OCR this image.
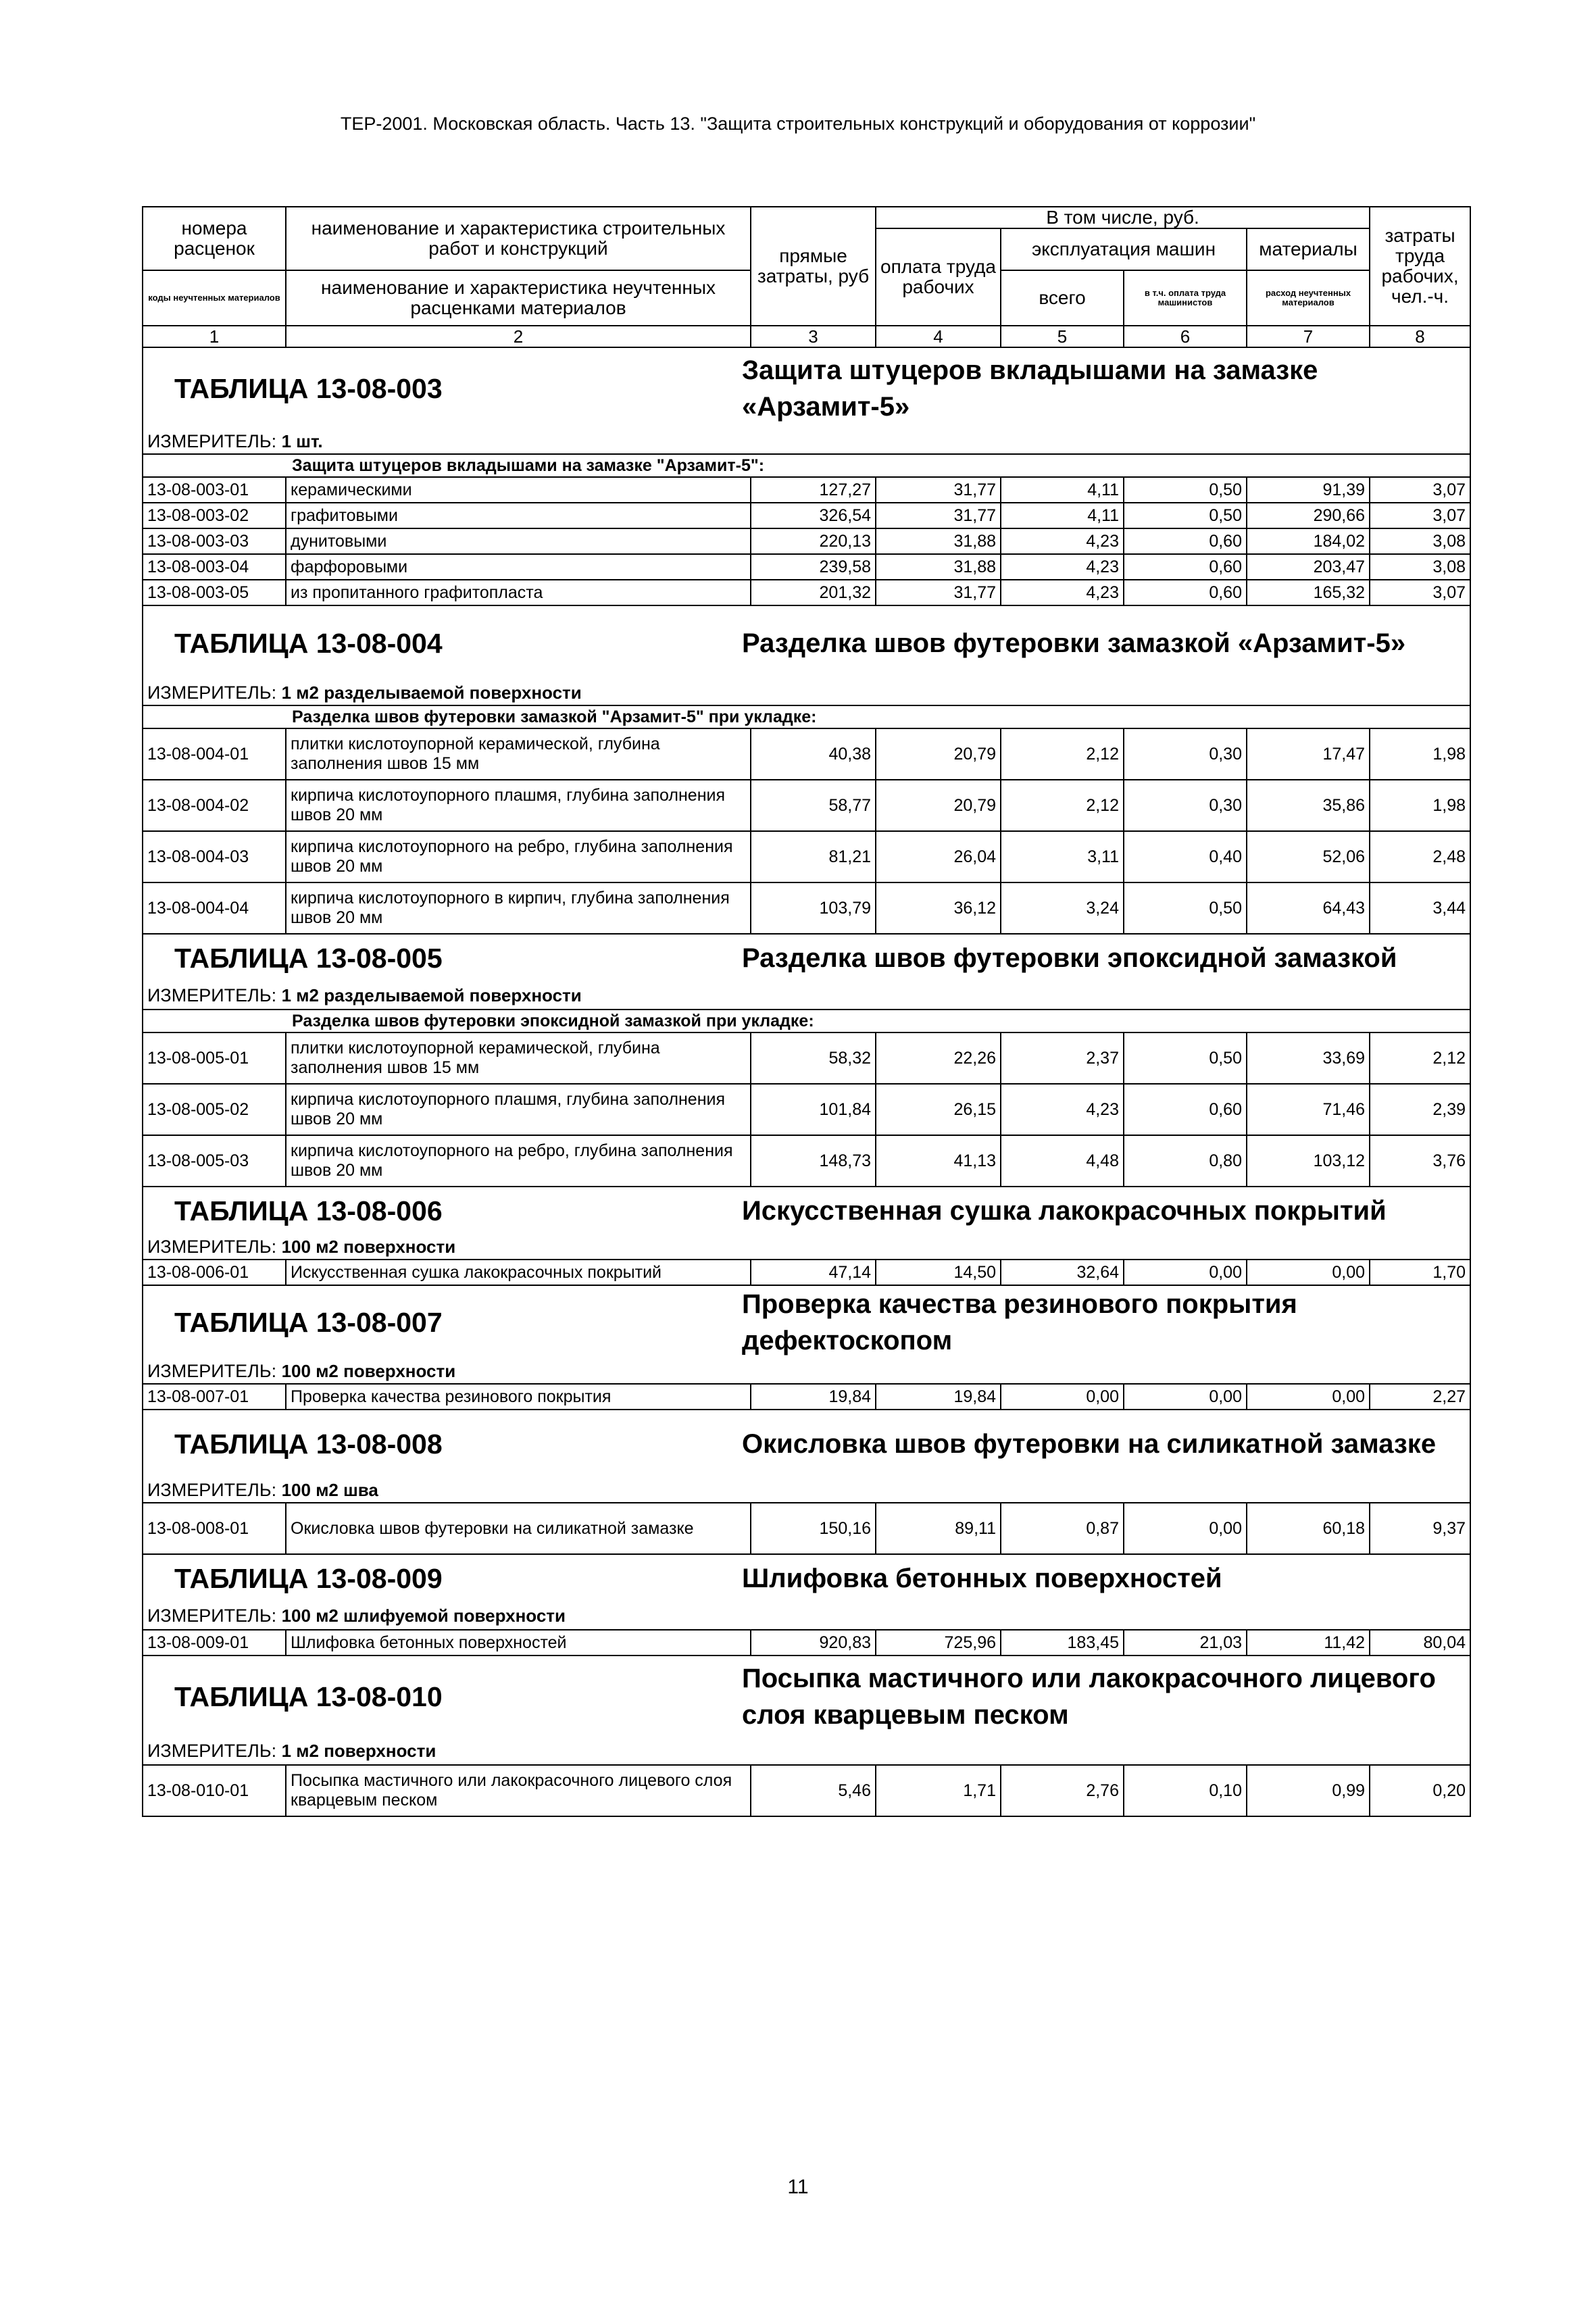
ТЕР-2001. Московская область. Часть 13. "Защита строительных конструкций и оборудования от коррозии"
номера расценок	наименование и характеристика строительных работ и конструкций	прямые затраты, руб	В том числе, руб.				затраты труда рабочих, чел.-ч.
			оплата труда рабочих	эксплуатация машин		материалы	
коды неучтенных материалов	наименование и характеристика неучтенных расценками материалов			всего	в т.ч. оплата труда машинистов	расход неучтенных материалов	

1	2	3	4	5	6	7	8

ТАБЛИЦА 13-08-003
Защита штуцеров вкладышами на замазке «Арзамит-5»							

ИЗМЕРИТЕЛЬ: 1 шт.							
Защита штуцеров вкладышами на замазке "Арзамит-5":							
13-08-003-01	керамическими	127,27	31,77	4,11	0,50	91,39	3,07
13-08-003-02	графитовыми	326,54	31,77	4,11	0,50	290,66	3,07
13-08-003-03	дунитовыми	220,13	31,88	4,23	0,60	184,02	3,08
13-08-003-04	фарфоровыми	239,58	31,88	4,23	0,60	203,47	3,08
13-08-003-05	из пропитанного графитопласта	201,32	31,77	4,23	0,60	165,32	3,07

ТАБЛИЦА 13-08-004 Разделка швов футеровки замазкой «Арзамит-5»							

ИЗМЕРИТЕЛЬ: 1 м2 разделываемой поверхности							
Разделка швов футеровки замазкой "Арзамит-5" при укладке:							
13-08-004-01	плитки кислотоупорной керамической, глубина заполнения швов 15 мм	40,38	20,79	2,12	0,30	17,47	1,98
13-08-004-02	кирпича кислотоупорного плашмя, глубина заполнения швов 20 мм	58,77	20,79	2,12	0,30	35,86	1,98
13-08-004-03	кирпича кислотоупорного на ребро, глубина заполнения швов 20 мм	81,21	26,04	3,11	0,40	52,06	2,48
13-08-004-04	кирпича кислотоупорного в кирпич, глубина заполнения швов 20 мм	103,79	36,12	3,24	0,50	64,43	3,44

ТАБЛИЦА 13-08-005 Разделка швов футеровки эпоксидной замазкой							

ИЗМЕРИТЕЛЬ: 1 м2 разделываемой поверхности							
Разделка швов футеровки эпоксидной замазкой при укладке:							
13-08-005-01	плитки кислотоупорной керамической, глубина заполнения швов 15 мм	58,32	22,26	2,37	0,50	33,69	2,12
13-08-005-02	кирпича кислотоупорного плашмя, глубина заполнения швов 20 мм	101,84	26,15	4,23	0,60	71,46	2,39
13-08-005-03	кирпича кислотоупорного на ребро, глубина заполнения швов 20 мм	148,73	41,13	4,48	0,80	103,12	3,76

ТАБЛИЦА 13-08-006 Искусственная сушка лакокрасочных покрытий							

ИЗМЕРИТЕЛЬ: 100 м2 поверхности							
13-08-006-01	Искусственная сушка лакокрасочных покрытий	47,14	14,50	32,64	0,00	0,00	1,70

ТАБЛИЦА 13-08-007
Проверка качества резинового покрытия дефектоскопом							

ИЗМЕРИТЕЛЬ: 100 м2 поверхности							
13-08-007-01	Проверка качества резинового покрытия	19,84	19,84	0,00	0,00	0,00	2,27

ТАБЛИЦА 13-08-008 Окисловка швов футеровки на силикатной замазке							

ИЗМЕРИТЕЛЬ: 100 м2 шва							
13-08-008-01	Окисловка швов футеровки на силикатной замазке	150,16	89,11	0,87	0,00	60,18	9,37

ТАБЛИЦА 13-08-009 Шлифовка бетонных поверхностей							

ИЗМЕРИТЕЛЬ: 100 м2 шлифуемой поверхности							
13-08-009-01	Шлифовка бетонных поверхностей	920,83	725,96	183,45	21,03	11,42	80,04

ТАБЛИЦА 13-08-010
Посыпка мастичного или лакокрасочного лицевого слоя кварцевым песком							

ИЗМЕРИТЕЛЬ: 1 м2 поверхности							
13-08-010-01	Посыпка мастичного или лакокрасочного лицевого слоя кварцевым песком	5,46	1,71	2,76	0,10	0,99	0,20
11
